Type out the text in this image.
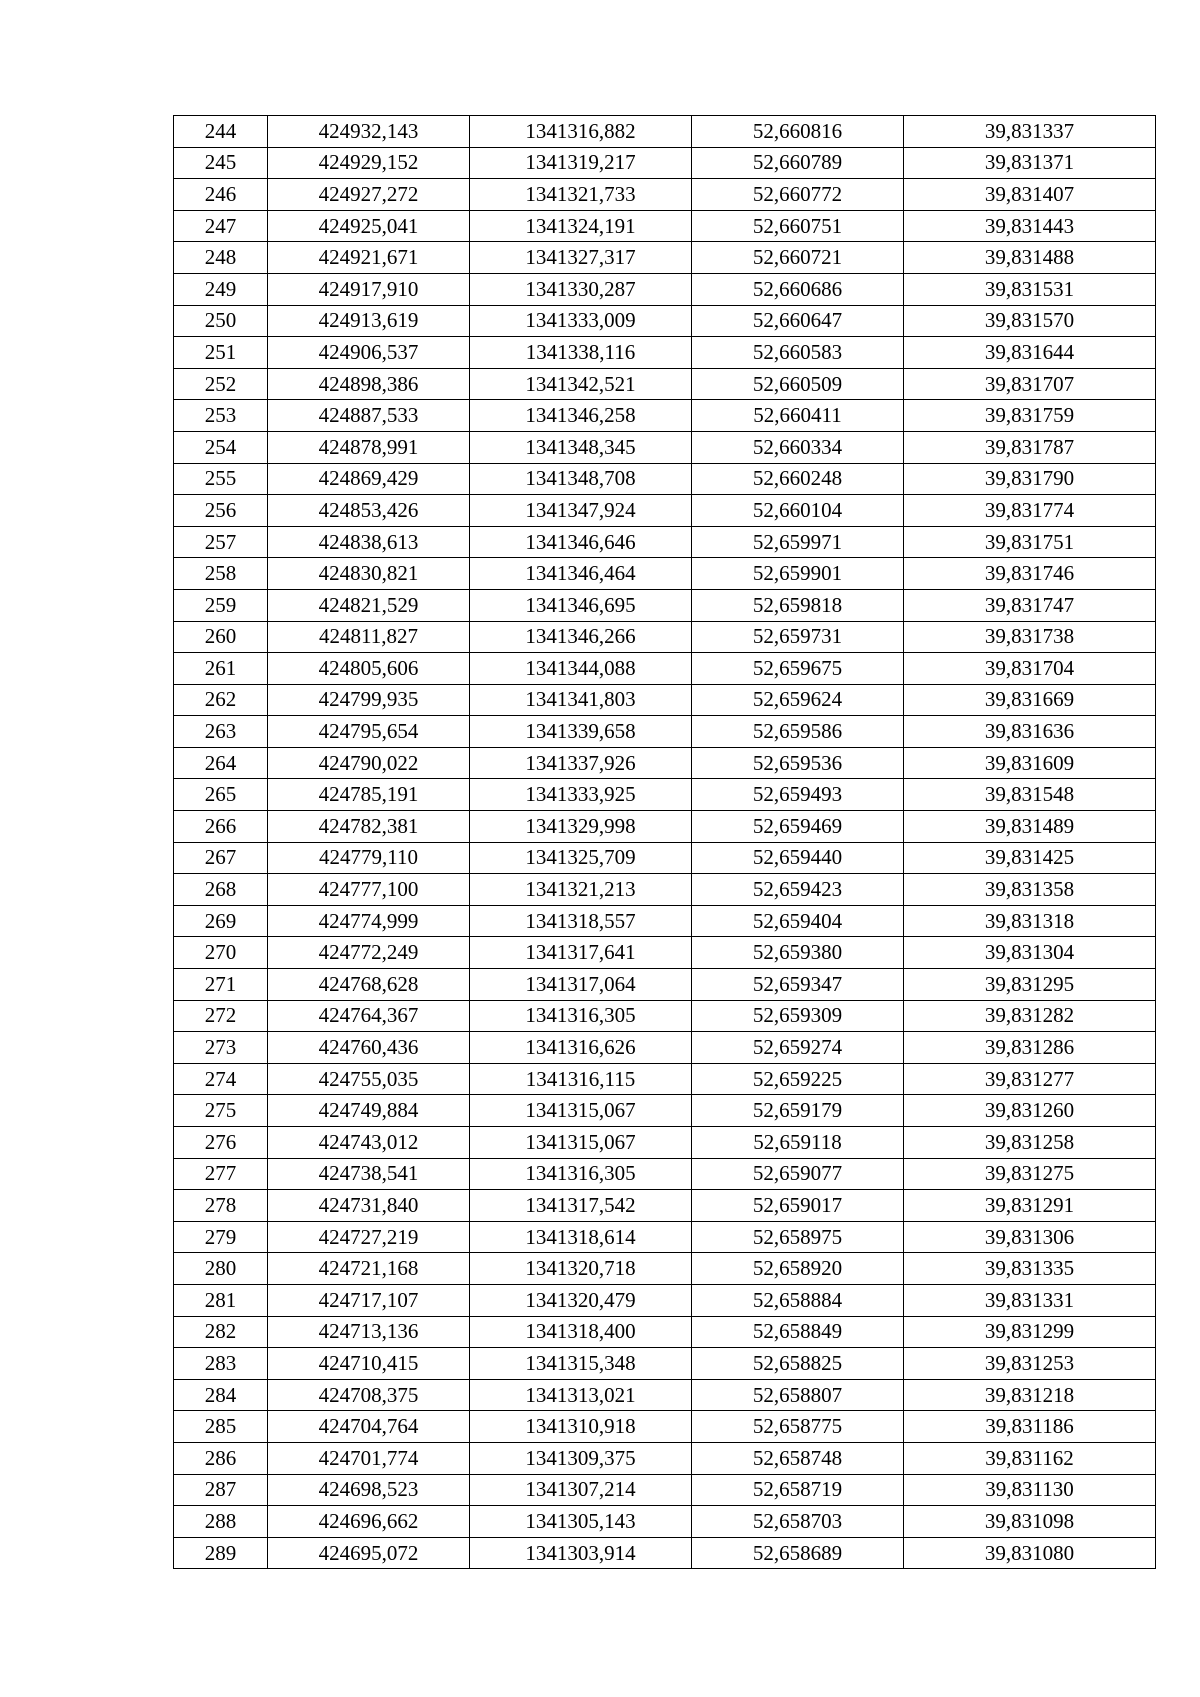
244	424932,143	1341316,882	52,660816	39,831337
245	424929,152	1341319,217	52,660789	39,831371
246	424927,272	1341321,733	52,660772	39,831407
247	424925,041	1341324,191	52,660751	39,831443
248	424921,671	1341327,317	52,660721	39,831488
249	424917,910	1341330,287	52,660686	39,831531
250	424913,619	1341333,009	52,660647	39,831570
251	424906,537	1341338,116	52,660583	39,831644
252	424898,386	1341342,521	52,660509	39,831707
253	424887,533	1341346,258	52,660411	39,831759
254	424878,991	1341348,345	52,660334	39,831787
255	424869,429	1341348,708	52,660248	39,831790
256	424853,426	1341347,924	52,660104	39,831774
257	424838,613	1341346,646	52,659971	39,831751
258	424830,821	1341346,464	52,659901	39,831746
259	424821,529	1341346,695	52,659818	39,831747
260	424811,827	1341346,266	52,659731	39,831738
261	424805,606	1341344,088	52,659675	39,831704
262	424799,935	1341341,803	52,659624	39,831669
263	424795,654	1341339,658	52,659586	39,831636
264	424790,022	1341337,926	52,659536	39,831609
265	424785,191	1341333,925	52,659493	39,831548
266	424782,381	1341329,998	52,659469	39,831489
267	424779,110	1341325,709	52,659440	39,831425
268	424777,100	1341321,213	52,659423	39,831358
269	424774,999	1341318,557	52,659404	39,831318
270	424772,249	1341317,641	52,659380	39,831304
271	424768,628	1341317,064	52,659347	39,831295
272	424764,367	1341316,305	52,659309	39,831282
273	424760,436	1341316,626	52,659274	39,831286
274	424755,035	1341316,115	52,659225	39,831277
275	424749,884	1341315,067	52,659179	39,831260
276	424743,012	1341315,067	52,659118	39,831258
277	424738,541	1341316,305	52,659077	39,831275
278	424731,840	1341317,542	52,659017	39,831291
279	424727,219	1341318,614	52,658975	39,831306
280	424721,168	1341320,718	52,658920	39,831335
281	424717,107	1341320,479	52,658884	39,831331
282	424713,136	1341318,400	52,658849	39,831299
283	424710,415	1341315,348	52,658825	39,831253
284	424708,375	1341313,021	52,658807	39,831218
285	424704,764	1341310,918	52,658775	39,831186
286	424701,774	1341309,375	52,658748	39,831162
287	424698,523	1341307,214	52,658719	39,831130
288	424696,662	1341305,143	52,658703	39,831098
289	424695,072	1341303,914	52,658689	39,831080
